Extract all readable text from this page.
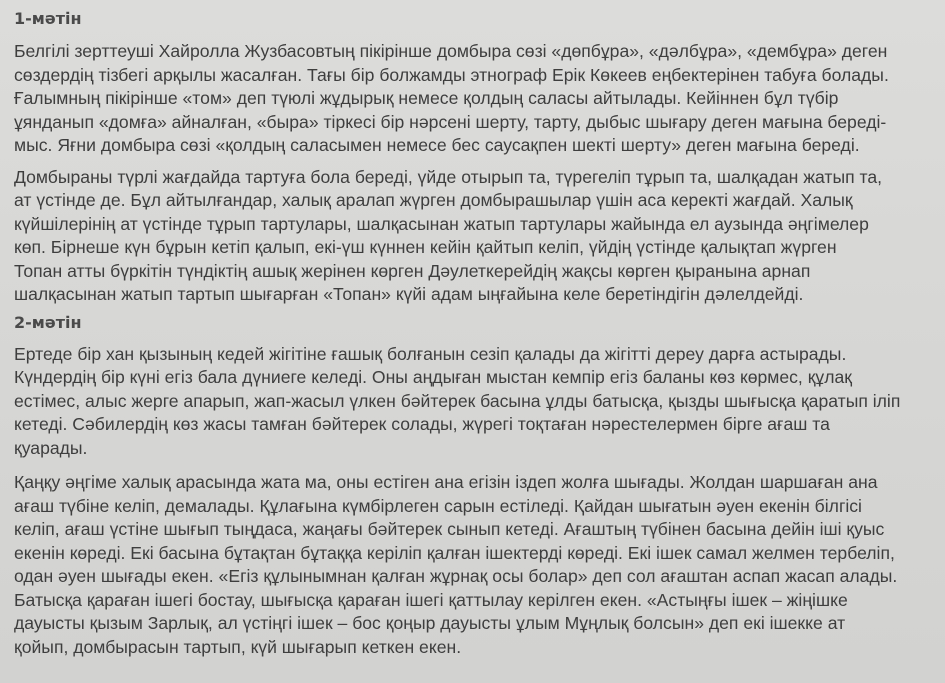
1-мәтін
Белгілі зерттеуші Хайролла Жузбасовтың пікірінше домбыра сөзі «дөпбұра», «дәлбұра», «дембұра» деген
сөздердің тізбегі арқылы жасалған. Тағы бір болжамды этнограф Ерік Көкеев еңбектерінен табуға болады.
Ғалымның пікірінше «том» деп түюлі жұдырық немесе қолдың саласы айтылады. Кейіннен бұл түбір
ұянданып «домға» айналған, «быра» тіркесі бір нәрсені шерту, тарту, дыбыс шығару деген мағына береді-
мыс. Яғни домбыра сөзі «қолдың саласымен немесе бес саусақпен шекті шерту» деген мағына береді.
Домбыраны түрлі жағдайда тартуға бола береді, үйде отырып та, түрегеліп тұрып та, шалқадан жатып та,
ат үстінде де. Бұл айтылғандар, халық аралап жүрген домбырашылар үшін аса керекті жағдай. Халық
күйшілерінің ат үстінде тұрып тартулары, шалқасынан жатып тартулары жайында ел аузында әңгімелер
көп. Бірнеше күн бұрын кетіп қалып, екі-үш күннен кейін қайтып келіп, үйдің үстінде қалықтап жүрген
Топан атты бүркітін түндіктің ашық жерінен көрген Дәулеткерейдің жақсы көрген қыранына арнап
шалқасынан жатып тартып шығарған «Топан» күйі адам ыңғайына келе беретіндігін дәлелдейді.
2-мәтін
Ертеде бір хан қызының кедей жігітіне ғашық болғанын сезіп қалады да жігітті дереу дарға астырады.
Күндердің бір күні егіз бала дүниеге келеді. Оны аңдыған мыстан кемпір егіз баланы көз көрмес, құлақ
естімес, алыс жерге апарып, жап-жасыл үлкен бәйтерек басына ұлды батысқа, қызды шығысқа қаратып іліп
кетеді. Сәбилердің көз жасы тамған бәйтерек солады, жүрегі тоқтаған нәрестелермен бірге ағаш та
қуарады.
Қаңқу әңгіме халық арасында жата ма, оны естіген ана егізін іздеп жолға шығады. Жолдан шаршаған ана
ағаш түбіне келіп, демалады. Құлағына күмбірлеген сарын естіледі. Қайдан шығатын әуен екенін білгісі
келіп, ағаш үстіне шығып тыңдаса, жаңағы бәйтерек сынып кетеді. Ағаштың түбінен басына дейін іші қуыс
екенін көреді. Екі басына бұтақтан бұтаққа керіліп қалған ішектерді көреді. Екі ішек самал желмен тербеліп,
одан әуен шығады екен. «Егіз құлынымнан қалған жұрнақ осы болар» деп сол ағаштан аспап жасап алады.
Батысқа қараған ішегі бостау, шығысқа қараған ішегі қаттылау керілген екен. «Астыңғы ішек – жіңішке
дауысты қызым Зарлық, ал үстіңгі ішек – бос қоңыр дауысты ұлым Мұңлық болсын» деп екі ішекке ат
қойып, домбырасын тартып, күй шығарып кеткен екен.
